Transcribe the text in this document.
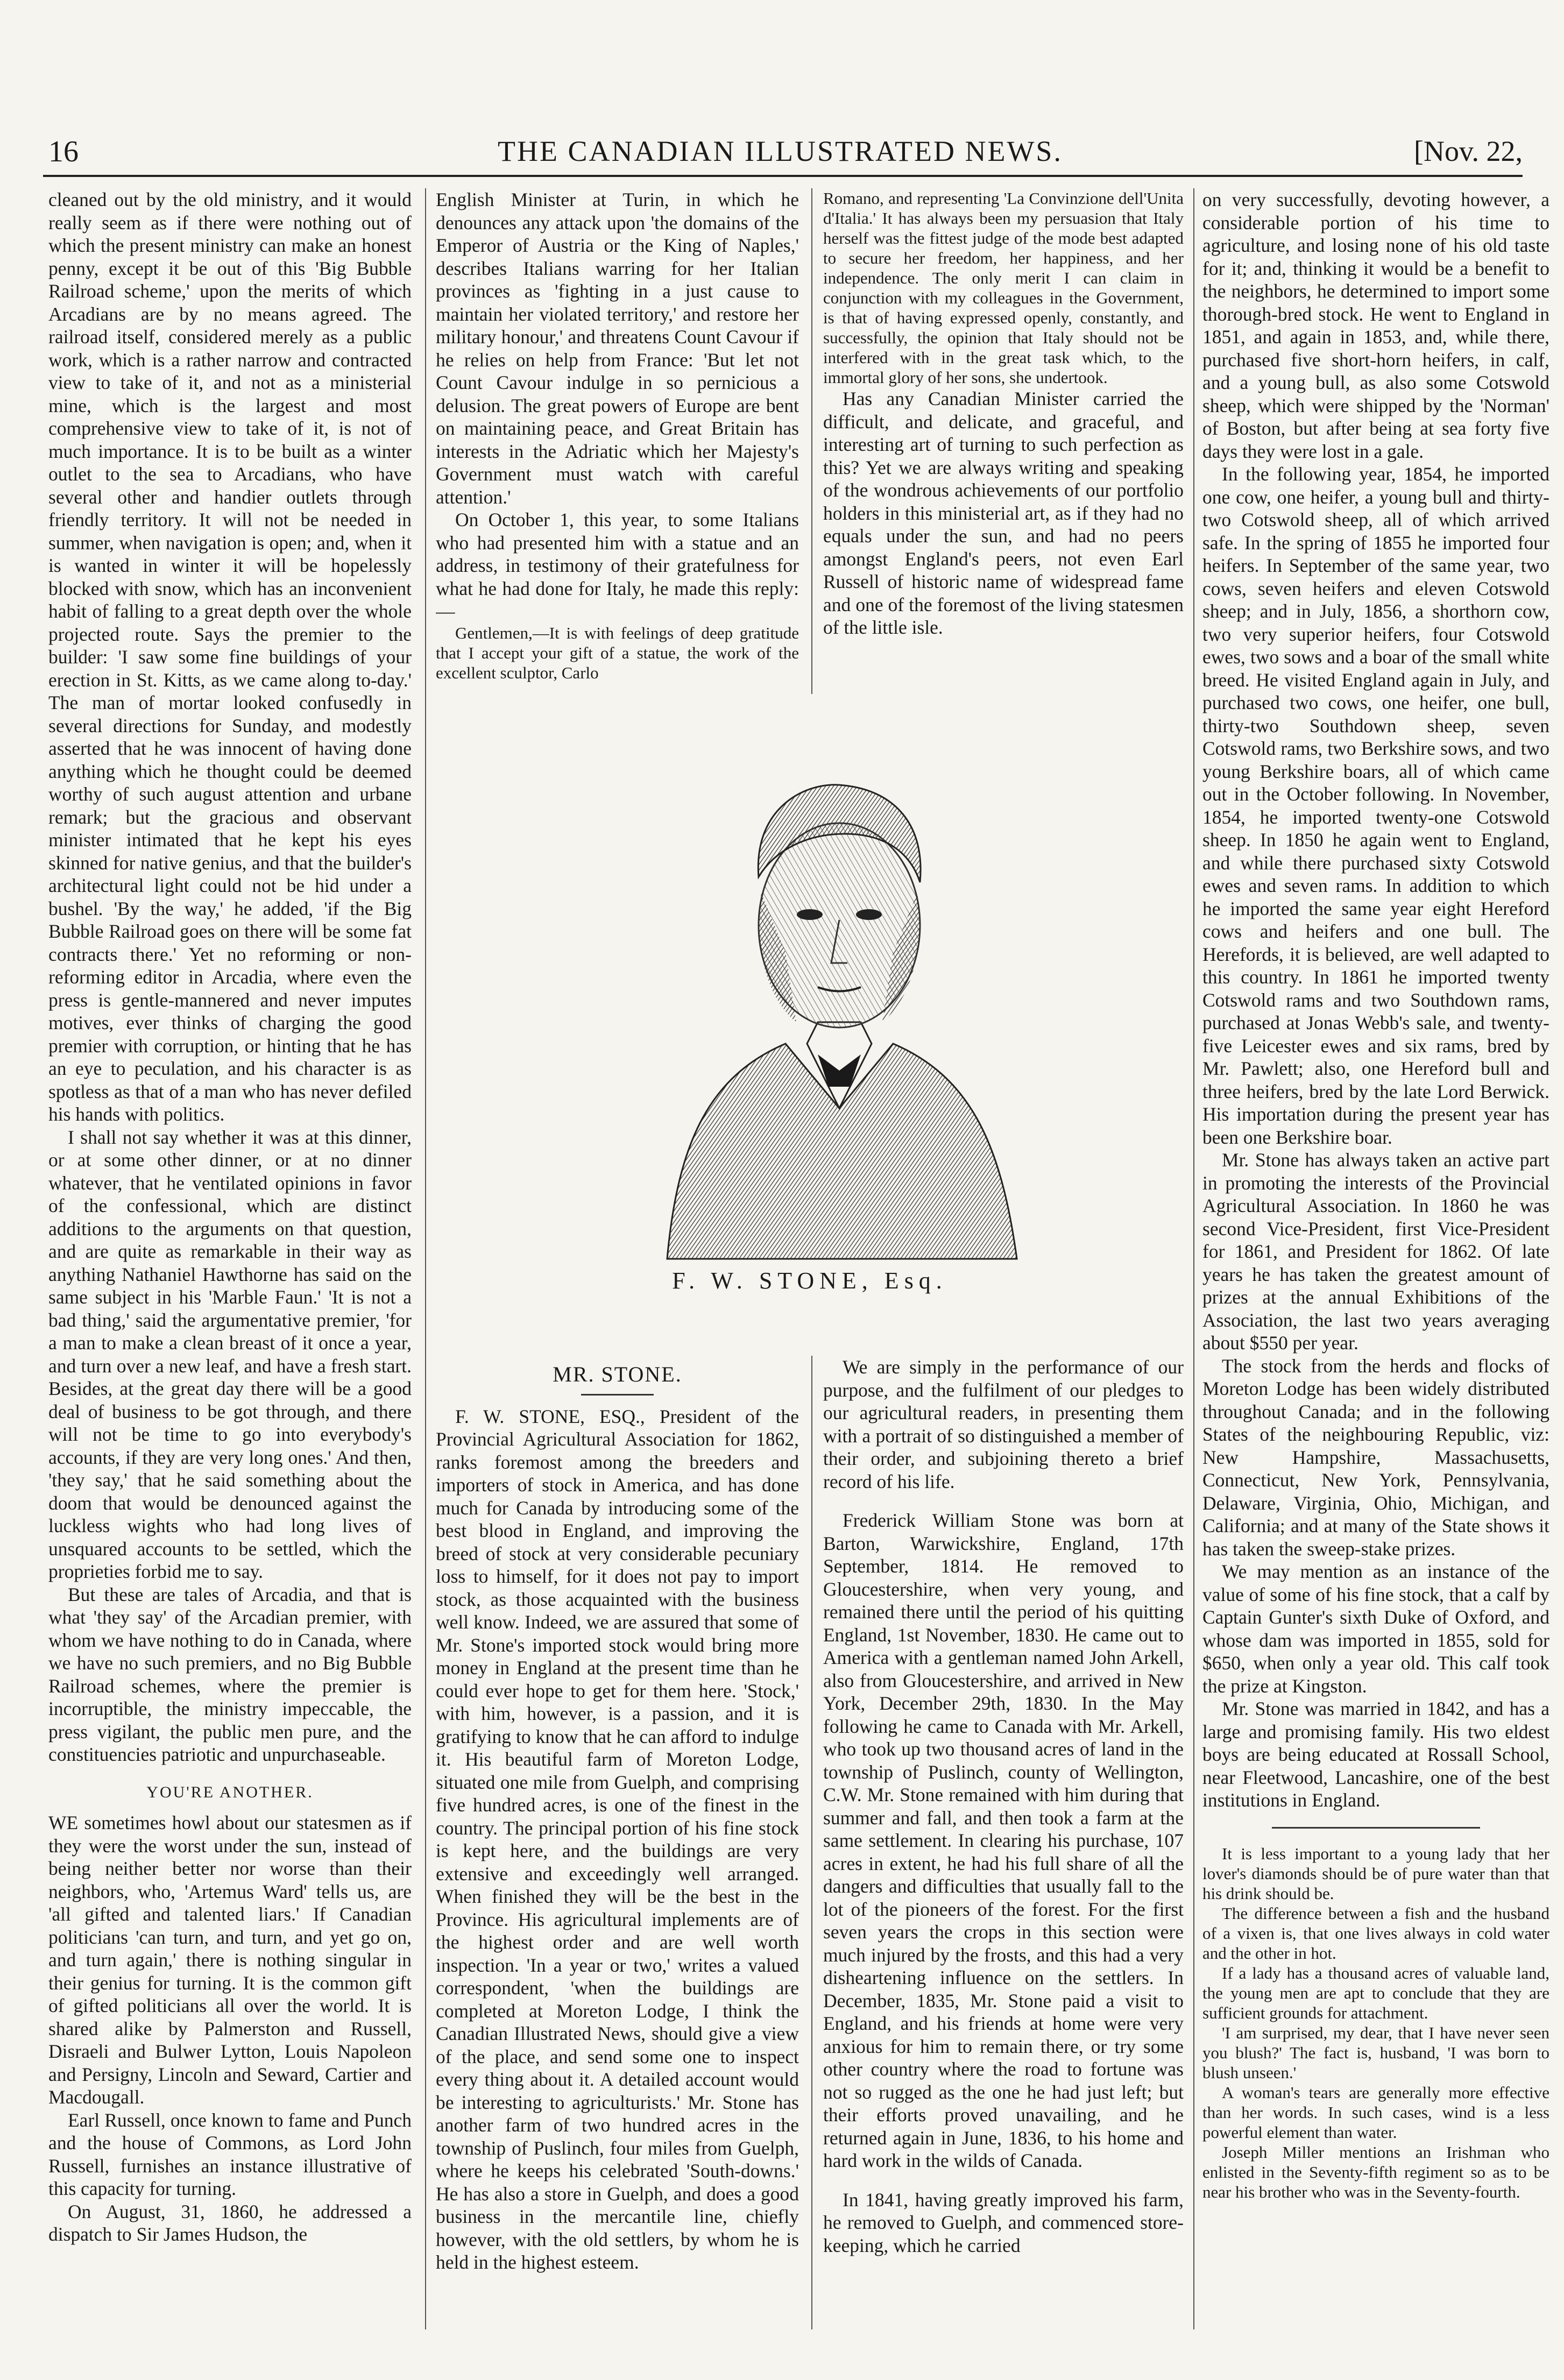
16	THE CANADIAN ILLUSTRATED NEWS.	[Nov. 22,

cleaned out by the old ministry, and it would really seem as if there were nothing out of which the present ministry can make an honest penny, except it be out of this 'Big Bubble Railroad scheme,' upon the merits of which Arcadians are by no means agreed. The railroad itself, considered merely as a public work, which is a rather narrow and contracted view to take of it, and not as a ministerial mine, which is the largest and most comprehensive view to take of it, is not of much importance. It is to be built as a winter outlet to the sea to Arcadians, who have several other and handier outlets through friendly territory. It will not be needed in summer, when navigation is open; and, when it is wanted in winter it will be hopelessly blocked with snow, which has an inconvenient habit of falling to a great depth over the whole projected route. Says the premier to the builder: 'I saw some fine buildings of your erection in St. Kitts, as we came along to-day.' The man of mortar looked confusedly in several directions for Sunday, and modestly asserted that he was innocent of having done anything which he thought could be deemed worthy of such august attention and urbane remark; but the gracious and observant minister intimated that he kept his eyes skinned for native genius, and that the builder's architectural light could not be hid under a bushel. 'By the way,' he added, 'if the Big Bubble Railroad goes on there will be some fat contracts there.' Yet no reforming or non-reforming editor in Arcadia, where even the press is gentle-mannered and never imputes motives, ever thinks of charging the good premier with corruption, or hinting that he has an eye to peculation, and his character is as spotless as that of a man who has never defiled his hands with politics.

I shall not say whether it was at this dinner, or at some other dinner, or at no dinner whatever, that he ventilated opinions in favor of the confessional, which are distinct additions to the arguments on that question, and are quite as remarkable in their way as anything Nathaniel Hawthorne has said on the same subject in his 'Marble Faun.' 'It is not a bad thing,' said the argumentative premier, 'for a man to make a clean breast of it once a year, and turn over a new leaf, and have a fresh start. Besides, at the great day there will be a good deal of business to be got through, and there will not be time to go into everybody's accounts, if they are very long ones.' And then, 'they say,' that he said something about the doom that would be denounced against the luckless wights who had long lives of unsquared accounts to be settled, which the proprieties forbid me to say.

But these are tales of Arcadia, and that is what 'they say' of the Arcadian premier, with whom we have nothing to do in Canada, where we have no such premiers, and no Big Bubble Railroad schemes, where the premier is incorruptible, the ministry impeccable, the press vigilant, the public men pure, and the constituencies patriotic and unpurchaseable.

YOU'RE ANOTHER.

WE sometimes howl about our statesmen as if they were the worst under the sun, instead of being neither better nor worse than their neighbors, who, 'Artemus Ward' tells us, are 'all gifted and talented liars.' If Canadian politicians 'can turn, and turn, and yet go on, and turn again,' there is nothing singular in their genius for turning. It is the common gift of gifted politicians all over the world. It is shared alike by Palmerston and Russell, Disraeli and Bulwer Lytton, Louis Napoleon and Persigny, Lincoln and Seward, Cartier and Macdougall.

Earl Russell, once known to fame and Punch and the house of Commons, as Lord John Russell, furnishes an instance illustrative of this capacity for turning.

On August, 31, 1860, he addressed a dispatch to Sir James Hudson, the

English Minister at Turin, in which he denounces any attack upon 'the domains of the Emperor of Austria or the King of Naples,' describes Italians warring for her Italian provinces as 'fighting in a just cause to maintain her violated territory,' and restore her military honour,' and threatens Count Cavour if he relies on help from France: 'But let not Count Cavour indulge in so pernicious a delusion. The great powers of Europe are bent on maintaining peace, and Great Britain has interests in the Adriatic which her Majesty's Government must watch with careful attention.'

On October 1, this year, to some Italians who had presented him with a statue and an address, in testimony of their gratefulness for what he had done for Italy, he made this reply:—

Gentlemen,—It is with feelings of deep gratitude that I accept your gift of a statue, the work of the excellent sculptor, Carlo

Romano, and representing 'La Convinzione dell'Unita d'Italia.' It has always been my persuasion that Italy herself was the fittest judge of the mode best adapted to secure her freedom, her happiness, and her independence. The only merit I can claim in conjunction with my colleagues in the Government, is that of having expressed openly, constantly, and successfully, the opinion that Italy should not be interfered with in the great task which, to the immortal glory of her sons, she undertook.

Has any Canadian Minister carried the difficult, and delicate, and graceful, and interesting art of turning to such perfection as this? Yet we are always writing and speaking of the wondrous achievements of our portfolio holders in this ministerial art, as if they had no equals under the sun, and had no peers amongst England's peers, not even Earl Russell of historic name of widespread fame and one of the foremost of the living statesmen of the little isle.

F. W. STONE, Esq.
MR. STONE.

F. W. STONE, ESQ., President of the Provincial Agricultural Association for 1862, ranks foremost among the breeders and importers of stock in America, and has done much for Canada by introducing some of the best blood in England, and improving the breed of stock at very considerable pecuniary loss to himself, for it does not pay to import stock, as those acquainted with the business well know. Indeed, we are assured that some of Mr. Stone's imported stock would bring more money in England at the present time than he could ever hope to get for them here. 'Stock,' with him, however, is a passion, and it is gratifying to know that he can afford to indulge it. His beautiful farm of Moreton Lodge, situated one mile from Guelph, and comprising five hundred acres, is one of the finest in the country. The principal portion of his fine stock is kept here, and the buildings are very extensive and exceedingly well arranged. When finished they will be the best in the Province. His agricultural implements are of the highest order and are well worth inspection. 'In a year or two,' writes a valued correspondent, 'when the buildings are completed at Moreton Lodge, I think the Canadian Illustrated News, should give a view of the place, and send some one to inspect every thing about it. A detailed account would be interesting to agriculturists.' Mr. Stone has another farm of two hundred acres in the township of Puslinch, four miles from Guelph, where he keeps his celebrated 'South-downs.' He has also a store in Guelph, and does a good business in the mercantile line, chiefly however, with the old settlers, by whom he is held in the highest esteem.

We are simply in the performance of our purpose, and the fulfilment of our pledges to our agricultural readers, in presenting them with a portrait of so distinguished a member of their order, and subjoining thereto a brief record of his life.

Frederick William Stone was born at Barton, Warwickshire, England, 17th September, 1814. He removed to Gloucestershire, when very young, and remained there until the period of his quitting England, 1st November, 1830. He came out to America with a gentleman named John Arkell, also from Gloucestershire, and arrived in New York, December 29th, 1830. In the May following he came to Canada with Mr. Arkell, who took up two thousand acres of land in the township of Puslinch, county of Wellington, C.W. Mr. Stone remained with him during that summer and fall, and then took a farm at the same settlement. In clearing his purchase, 107 acres in extent, he had his full share of all the dangers and difficulties that usually fall to the lot of the pioneers of the forest. For the first seven years the crops in this section were much injured by the frosts, and this had a very disheartening influence on the settlers. In December, 1835, Mr. Stone paid a visit to England, and his friends at home were very anxious for him to remain there, or try some other country where the road to fortune was not so rugged as the one he had just left; but their efforts proved unavailing, and he returned again in June, 1836, to his home and hard work in the wilds of Canada.

In 1841, having greatly improved his farm, he removed to Guelph, and commenced store-keeping, which he carried

on very successfully, devoting however, a considerable portion of his time to agriculture, and losing none of his old taste for it; and, thinking it would be a benefit to the neighbors, he determined to import some thorough-bred stock. He went to England in 1851, and again in 1853, and, while there, purchased five short-horn heifers, in calf, and a young bull, as also some Cotswold sheep, which were shipped by the 'Norman' of Boston, but after being at sea forty five days they were lost in a gale.

In the following year, 1854, he imported one cow, one heifer, a young bull and thirty-two Cotswold sheep, all of which arrived safe. In the spring of 1855 he imported four heifers. In September of the same year, two cows, seven heifers and eleven Cotswold sheep; and in July, 1856, a shorthorn cow, two very superior heifers, four Cotswold ewes, two sows and a boar of the small white breed. He visited England again in July, and purchased two cows, one heifer, one bull, thirty-two Southdown sheep, seven Cotswold rams, two Berkshire sows, and two young Berkshire boars, all of which came out in the October following. In November, 1854, he imported twenty-one Cotswold sheep. In 1850 he again went to England, and while there purchased sixty Cotswold ewes and seven rams. In addition to which he imported the same year eight Hereford cows and heifers and one bull. The Herefords, it is believed, are well adapted to this country. In 1861 he imported twenty Cotswold rams and two Southdown rams, purchased at Jonas Webb's sale, and twenty-five Leicester ewes and six rams, bred by Mr. Pawlett; also, one Hereford bull and three heifers, bred by the late Lord Berwick. His importation during the present year has been one Berkshire boar.

Mr. Stone has always taken an active part in promoting the interests of the Provincial Agricultural Association. In 1860 he was second Vice-President, first Vice-President for 1861, and President for 1862. Of late years he has taken the greatest amount of prizes at the annual Exhibitions of the Association, the last two years averaging about $550 per year.

The stock from the herds and flocks of Moreton Lodge has been widely distributed throughout Canada; and in the following States of the neighbouring Republic, viz: New Hampshire, Massachusetts, Connecticut, New York, Pennsylvania, Delaware, Virginia, Ohio, Michigan, and California; and at many of the State shows it has taken the sweep-stake prizes.

We may mention as an instance of the value of some of his fine stock, that a calf by Captain Gunter's sixth Duke of Oxford, and whose dam was imported in 1855, sold for $650, when only a year old. This calf took the prize at Kingston.

Mr. Stone was married in 1842, and has a large and promising family. His two eldest boys are being educated at Rossall School, near Fleetwood, Lancashire, one of the best institutions in England.

It is less important to a young lady that her lover's diamonds should be of pure water than that his drink should be.

The difference between a fish and the husband of a vixen is, that one lives always in cold water and the other in hot.

If a lady has a thousand acres of valuable land, the young men are apt to conclude that they are sufficient grounds for attachment.

'I am surprised, my dear, that I have never seen you blush?' The fact is, husband, 'I was born to blush unseen.'

A woman's tears are generally more effective than her words. In such cases, wind is a less powerful element than water.

Joseph Miller mentions an Irishman who enlisted in the Seventy-fifth regiment so as to be near his brother who was in the Seventy-fourth.
